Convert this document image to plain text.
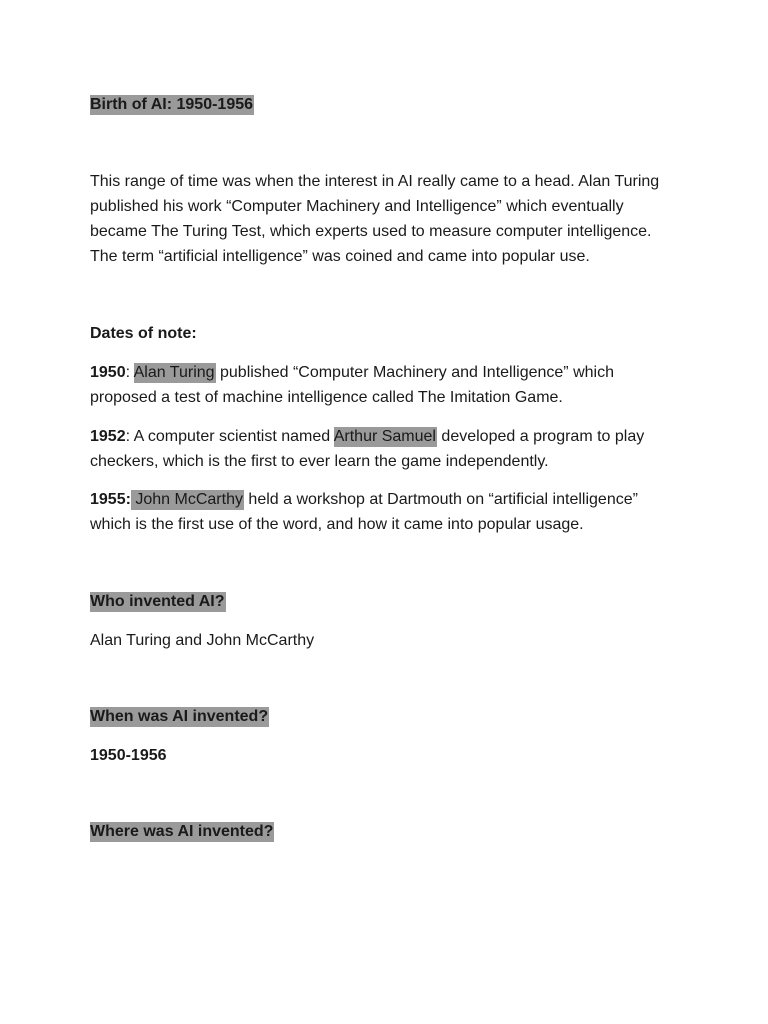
Birth of AI: 1950-1956

This range of time was when the interest in AI really came to a head. Alan Turing published his work “Computer Machinery and Intelligence” which eventually became The Turing Test, which experts used to measure computer intelligence. The term “artificial intelligence” was coined and came into popular use.

Dates of note:

1950: Alan Turing published “Computer Machinery and Intelligence” which proposed a test of machine intelligence called The Imitation Game.

1952: A computer scientist named Arthur Samuel developed a program to play checkers, which is the first to ever learn the game independently.

1955: John McCarthy held a workshop at Dartmouth on “artificial intelligence” which is the first use of the word, and how it came into popular usage.

Who invented AI?

Alan Turing and John McCarthy

When was AI invented?

1950-1956

Where was AI invented?
